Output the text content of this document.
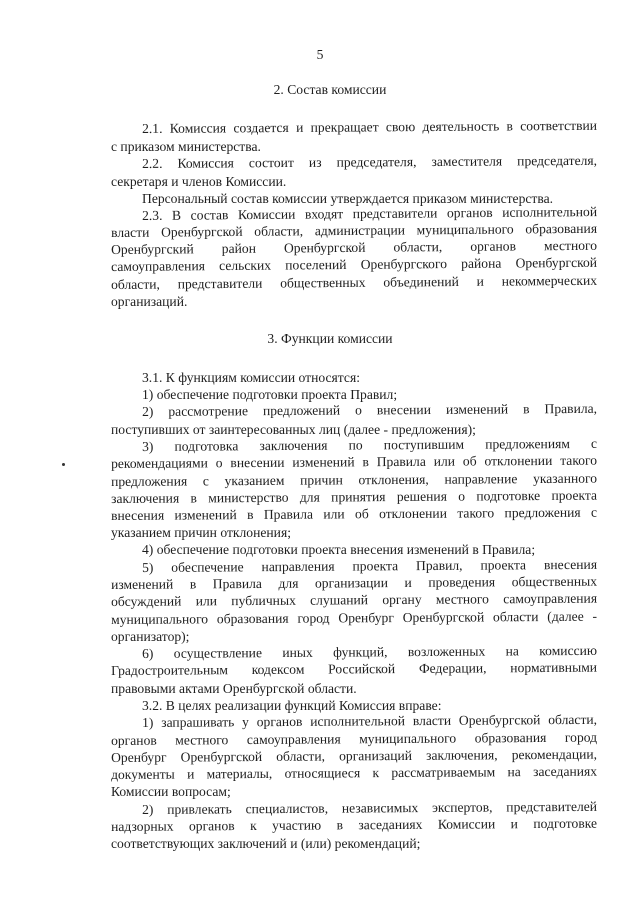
5
2. Состав комиссии
2.1. Комиссия создается и прекращает свою деятельность в соответствии
с приказом министерства.
2.2. Комиссия состоит из председателя, заместителя председателя,
секретаря и членов Комиссии.
Персональный состав комиссии утверждается приказом министерства.
2.3. В состав Комиссии входят представители органов исполнительной
власти Оренбургской области, администрации муниципального образования
Оренбургский район Оренбургской области, органов местного
самоуправления сельских поселений Оренбургского района Оренбургской
области, представители общественных объединений и некоммерческих
организаций.
3. Функции комиссии
3.1. К функциям комиссии относятся:
1) обеспечение подготовки проекта Правил;
2) рассмотрение предложений о внесении изменений в Правила,
поступивших от заинтересованных лиц (далее - предложения);
3) подготовка заключения по поступившим предложениям с
рекомендациями о внесении изменений в Правила или об отклонении такого
предложения с указанием причин отклонения, направление указанного
заключения в министерство для принятия решения о подготовке проекта
внесения изменений в Правила или об отклонении такого предложения с
указанием причин отклонения;
4) обеспечение подготовки проекта внесения изменений в Правила;
5) обеспечение направления проекта Правил, проекта внесения
изменений в Правила для организации и проведения общественных
обсуждений или публичных слушаний органу местного самоуправления
муниципального образования город Оренбург Оренбургской области (далее -
организатор);
6) осуществление иных функций, возложенных на комиссию
Градостроительным кодексом Российской Федерации, нормативными
правовыми актами Оренбургской области.
3.2. В целях реализации функций Комиссия вправе:
1) запрашивать у органов исполнительной власти Оренбургской области,
органов местного самоуправления муниципального образования город
Оренбург Оренбургской области, организаций заключения, рекомендации,
документы и материалы, относящиеся к рассматриваемым на заседаниях
Комиссии вопросам;
2) привлекать специалистов, независимых экспертов, представителей
надзорных органов к участию в заседаниях Комиссии и подготовке
соответствующих заключений и (или) рекомендаций;
